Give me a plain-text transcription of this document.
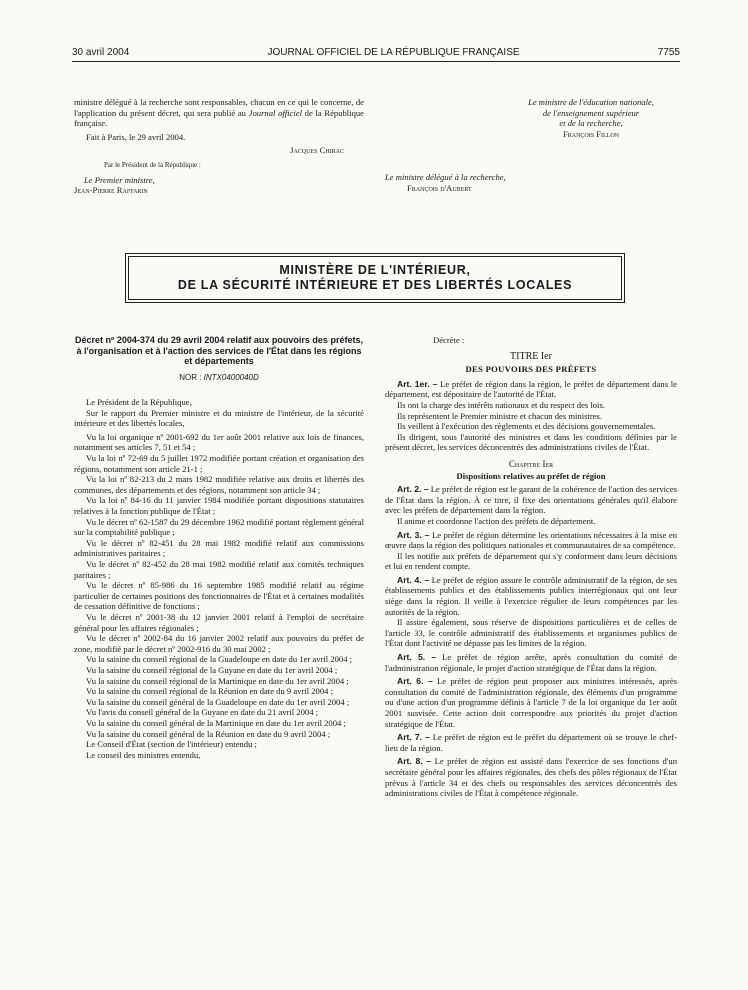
30 avril 2004	JOURNAL OFFICIEL DE LA RÉPUBLIQUE FRANÇAISE	7755

ministre délégué à la recherche sont responsables, chacun en ce qui le concerne, de l'application du présent décret, qui sera publié au Journal officiel de la République française.

Fait à Paris, le 29 avril 2004.

Jacques Chirac
Par le Président de la République :
Le Premier ministre,
Jean-Pierre Raffarin
Le ministre de l'éducation nationale,
de l'enseignement supérieur
et de la recherche,
François Fillon
Le ministre délégué à la recherche,
François d'Aubert
MINISTÈRE DE L'INTÉRIEUR,
DE LA SÉCURITÉ INTÉRIEURE ET DES LIBERTÉS LOCALES
Décret nº 2004-374 du 29 avril 2004 relatif aux pouvoirs des préfets, à l'organisation et à l'action des services de l'État dans les régions et départements
NOR : INTX0400040D

Le Président de la République,

Sur le rapport du Premier ministre et du ministre de l'intérieur, de la sécurité intérieure et des libertés locales,

Vu la loi organique nº 2001-692 du 1er août 2001 relative aux lois de finances, notamment ses articles 7, 51 et 54 ;

Vu la loi nº 72-69 du 5 juillet 1972 modifiée portant création et organisation des régions, notamment son article 21-1 ;

Vu la loi nº 82-213 du 2 mars 1982 modifiée relative aux droits et libertés des communes, des départements et des régions, notamment son article 34 ;

Vu la loi nº 84-16 du 11 janvier 1984 modifiée portant dispositions statutaires relatives à la fonction publique de l'État ;

Vu le décret nº 62-1587 du 29 décembre 1962 modifié portant règlement général sur la comptabilité publique ;

Vu le décret nº 82-451 du 28 mai 1982 modifié relatif aux commissions administratives paritaires ;

Vu le décret nº 82-452 du 28 mai 1982 modifié relatif aux comités techniques paritaires ;

Vu le décret nº 85-986 du 16 septembre 1985 modifié relatif au régime particulier de certaines positions des fonctionnaires de l'État et à certaines modalités de cessation définitive de fonctions ;

Vu le décret nº 2001-38 du 12 janvier 2001 relatif à l'emploi de secrétaire général pour les affaires régionales ;

Vu le décret nº 2002-84 du 16 janvier 2002 relatif aux pouvoirs du préfet de zone, modifié par le décret nº 2002-916 du 30 mai 2002 ;

Vu la saisine du conseil régional de la Guadeloupe en date du 1er avril 2004 ;

Vu la saisine du conseil régional de la Guyane en date du 1er avril 2004 ;

Vu la saisine du conseil régional de la Martinique en date du 1er avril 2004 ;

Vu la saisine du conseil régional de la Réunion en date du 9 avril 2004 ;

Vu la saisine du conseil général de la Guadeloupe en date du 1er avril 2004 ;

Vu l'avis du conseil général de la Guyane en date du 21 avril 2004 ;

Vu la saisine du conseil général de la Martinique en date du 1er avril 2004 ;

Vu la saisine du conseil général de la Réunion en date du 9 avril 2004 ;

Le Conseil d'État (section de l'intérieur) entendu ;

Le conseil des ministres entendu,

Décrète :
TITRE Ier
DES POUVOIRS DES PRÉFETS

Art. 1er. – Le préfet de région dans la région, le préfet de département dans le département, est dépositaire de l'autorité de l'État.

Ils ont la charge des intérêts nationaux et du respect des lois.

Ils représentent le Premier ministre et chacun des ministres.

Ils veillent à l'exécution des règlements et des décisions gouvernementales.

Ils dirigent, sous l'autorité des ministres et dans les conditions définies par le présent décret, les services déconcentrés des administrations civiles de l'État.

Chapitre Ier
Dispositions relatives au préfet de région

Art. 2. – Le préfet de région est le garant de la cohérence de l'action des services de l'État dans la région. À ce titre, il fixe des orientations générales qu'il élabore avec les préfets de département dans la région.

Il anime et coordonne l'action des préfets de département.

Art. 3. – Le préfet de région détermine les orientations nécessaires à la mise en œuvre dans la région des politiques nationales et communautaires de sa compétence.

Il les notifie aux préfets de département qui s'y conforment dans leurs décisions et lui en rendent compte.

Art. 4. – Le préfet de région assure le contrôle administratif de la région, de ses établissements publics et des établissements publics interrégionaux qui ont leur siège dans la région. Il veille à l'exercice régulier de leurs compétences par les autorités de la région.

Il assure également, sous réserve de dispositions particulières et de celles de l'article 33, le contrôle administratif des établissements et organismes publics de l'État dont l'activité ne dépasse pas les limites de la région.

Art. 5. – Le préfet de région arrête, après consultation du comité de l'administration régionale, le projet d'action stratégique de l'État dans la région.

Art. 6. – Le préfet de région peut proposer aux ministres intéressés, après consultation du comité de l'administration régionale, des éléments d'un programme ou d'une action d'un programme définis à l'article 7 de la loi organique du 1er août 2001 susvisée. Cette action doit correspondre aux priorités du projet d'action stratégique de l'État.

Art. 7. – Le préfet de région est le préfet du département où se trouve le chef-lieu de la région.

Art. 8. – Le préfet de région est assisté dans l'exercice de ses fonctions d'un secrétaire général pour les affaires régionales, des chefs des pôles régionaux de l'État prévus à l'article 34 et des chefs ou responsables des services déconcentrés des administrations civiles de l'État à compétence régionale.
